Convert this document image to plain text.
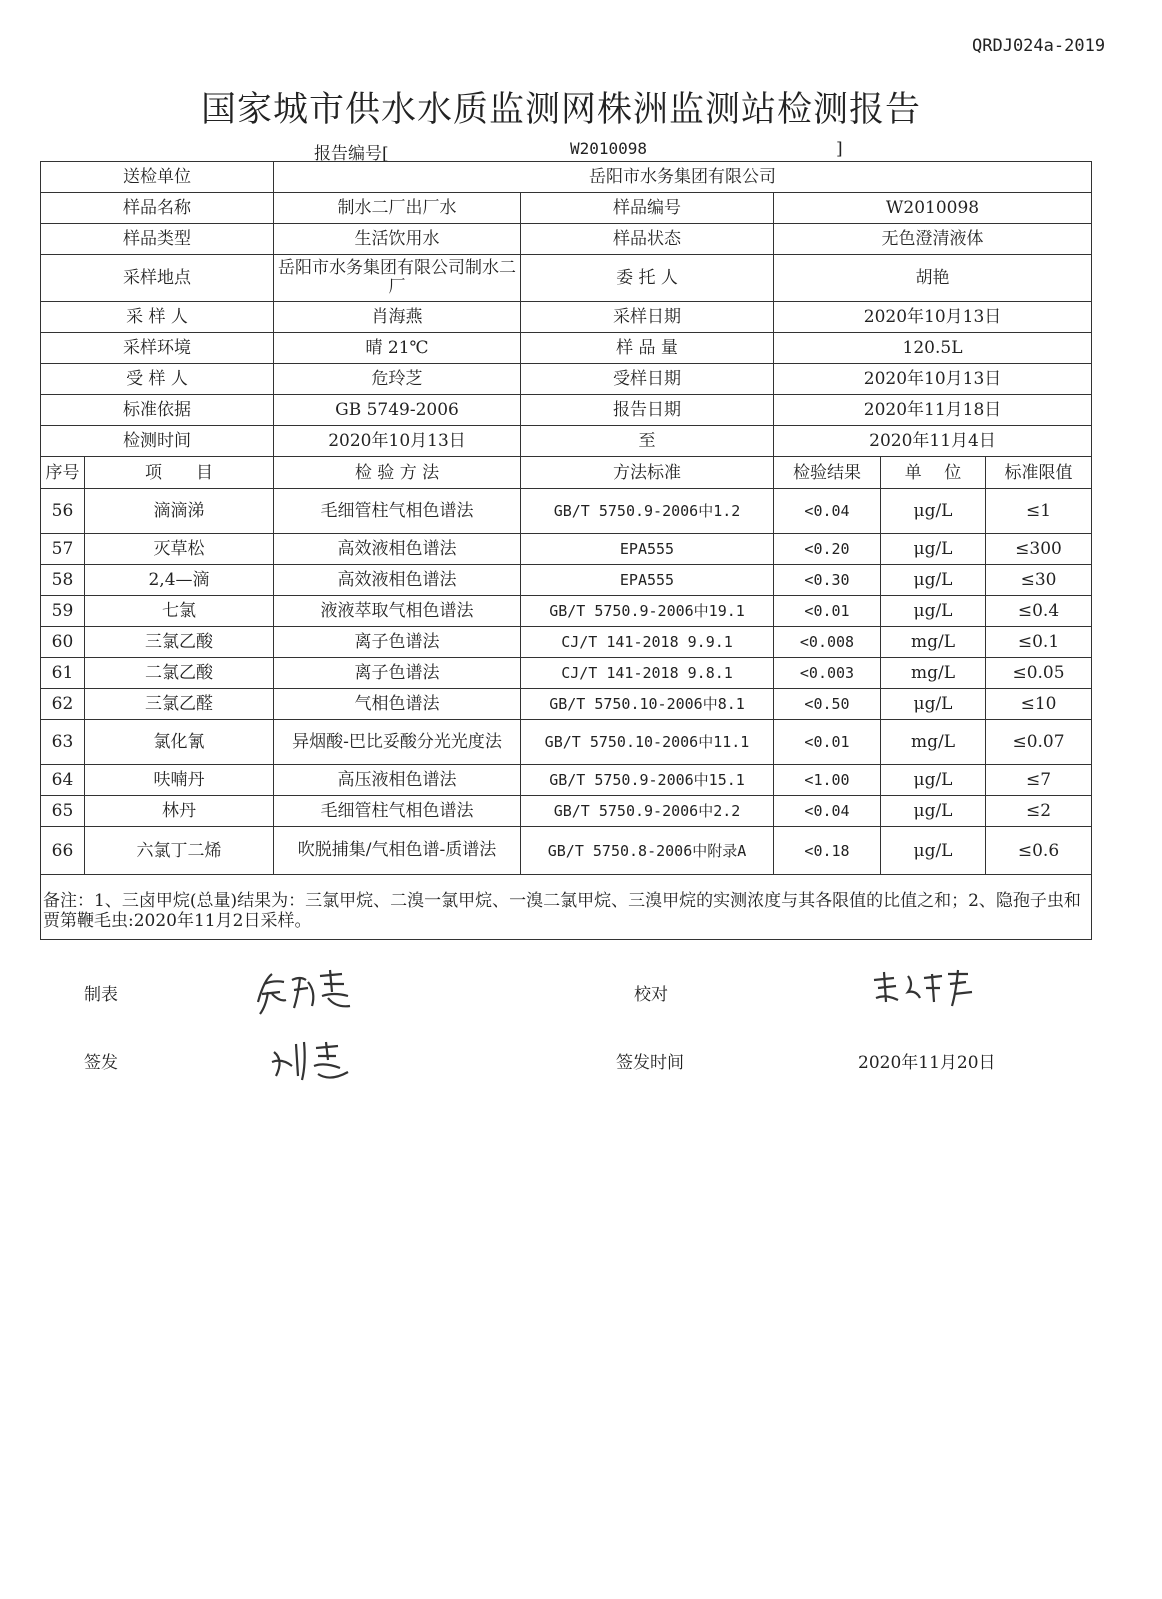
QRDJ024a-2019
国家城市供水水质监测网株洲监测站检测报告
报告编号[	W2010098	]
送检单位		岳阳市水务集团有限公司				
样品名称		制水二厂出厂水	样品编号	W2010098		
样品类型		生活饮用水	样品状态	无色澄清液体		
采样地点		岳阳市水务集团有限公司制水二厂	委 托 人	胡艳		
采 样 人		肖海燕	采样日期	2020年10月13日		
采样环境		晴 21℃	样 品 量	120.5L		
受 样 人		危玲芝	受样日期	2020年10月13日		
标准依据		GB 5749-2006	报告日期	2020年11月18日		
检测时间		2020年10月13日	至	2020年11月4日		
序号	项　　目	检 验 方 法	方法标准	检验结果	单　 位	标准限值
56	滴滴涕	毛细管柱气相色谱法	GB/T 5750.9-2006中1.2	<0.04	μg/L	≤1
57	灭草松	高效液相色谱法	EPA555	<0.20	μg/L	≤300
58	2,4—滴	高效液相色谱法	EPA555	<0.30	μg/L	≤30
59	七氯	液液萃取气相色谱法	GB/T 5750.9-2006中19.1	<0.01	μg/L	≤0.4
60	三氯乙酸	离子色谱法	CJ/T 141-2018 9.9.1	<0.008	mg/L	≤0.1
61	二氯乙酸	离子色谱法	CJ/T 141-2018 9.8.1	<0.003	mg/L	≤0.05
62	三氯乙醛	气相色谱法	GB/T 5750.10-2006中8.1	<0.50	μg/L	≤10
63	氯化氰	异烟酸-巴比妥酸分光光度法	GB/T 5750.10-2006中11.1	<0.01	mg/L	≤0.07
64	呋喃丹	高压液相色谱法	GB/T 5750.9-2006中15.1	<1.00	μg/L	≤7
65	林丹	毛细管柱气相色谱法	GB/T 5750.9-2006中2.2	<0.04	μg/L	≤2
66	六氯丁二烯	吹脱捕集/气相色谱-质谱法	GB/T 5750.8-2006中附录A	<0.18	μg/L	≤0.6
备注：1、三卤甲烷(总量)结果为：三氯甲烷、二溴一氯甲烷、一溴二氯甲烷、三溴甲烷的实测浓度与其各限值的比值之和；2、隐孢子虫和贾第鞭毛虫:2020年11月2日采样。						
制表	校对
签发	签发时间	2020年11月20日
